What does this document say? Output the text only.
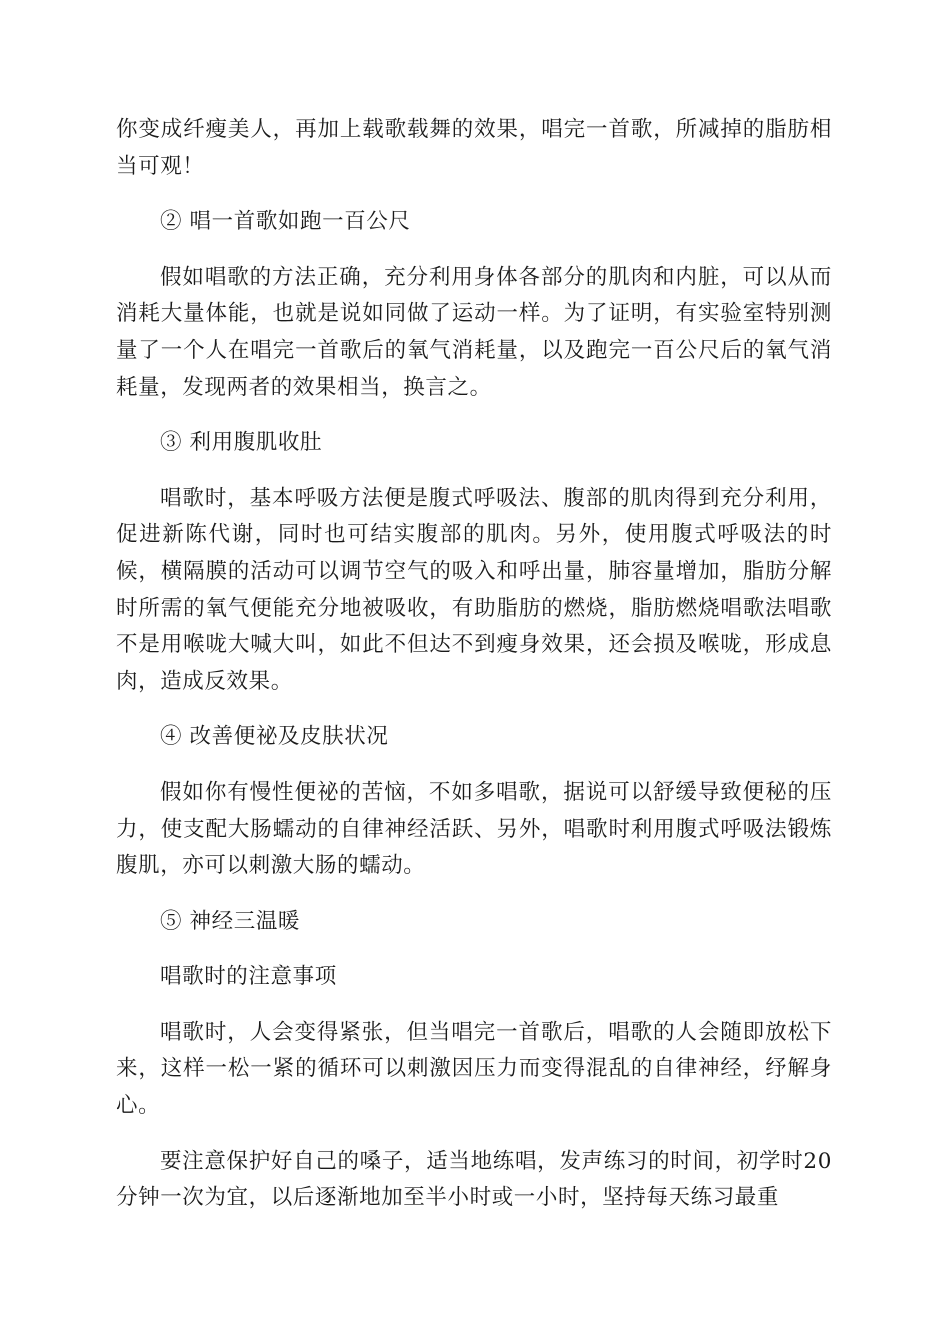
你变成纤瘦美人，再加上载歌载舞的效果，唱完一首歌，所减掉的脂肪相当可观！

② 唱一首歌如跑一百公尺

假如唱歌的方法正确，充分利用身体各部分的肌肉和内脏，可以从而消耗大量体能，也就是说如同做了运动一样。为了证明，有实验室特别测量了一个人在唱完一首歌后的氧气消耗量，以及跑完一百公尺后的氧气消耗量，发现两者的效果相当，换言之。

③ 利用腹肌收肚

唱歌时，基本呼吸方法便是腹式呼吸法、腹部的肌肉得到充分利用，促进新陈代谢，同时也可结实腹部的肌肉。另外，使用腹式呼吸法的时候，横隔膜的活动可以调节空气的吸入和呼出量，肺容量增加，脂肪分解时所需的氧气便能充分地被吸收，有助脂肪的燃烧，脂肪燃烧唱歌法唱歌不是用喉咙大喊大叫，如此不但达不到瘦身效果，还会损及喉咙，形成息肉，造成反效果。

④ 改善便祕及皮肤状况

假如你有慢性便祕的苦恼，不如多唱歌，据说可以舒缓导致便秘的压力，使支配大肠蠕动的自律神经活跃、另外，唱歌时利用腹式呼吸法锻炼腹肌，亦可以刺激大肠的蠕动。

⑤ 神经三温暖

唱歌时的注意事项

唱歌时，人会变得紧张，但当唱完一首歌后，唱歌的人会随即放松下来，这样一松一紧的循环可以刺激因压力而变得混乱的自律神经，纾解身心。

要注意保护好自己的嗓子，适当地练唱，发声练习的时间，初学时20分钟一次为宜，以后逐渐地加至半小时或一小时，坚持每天练习最重
